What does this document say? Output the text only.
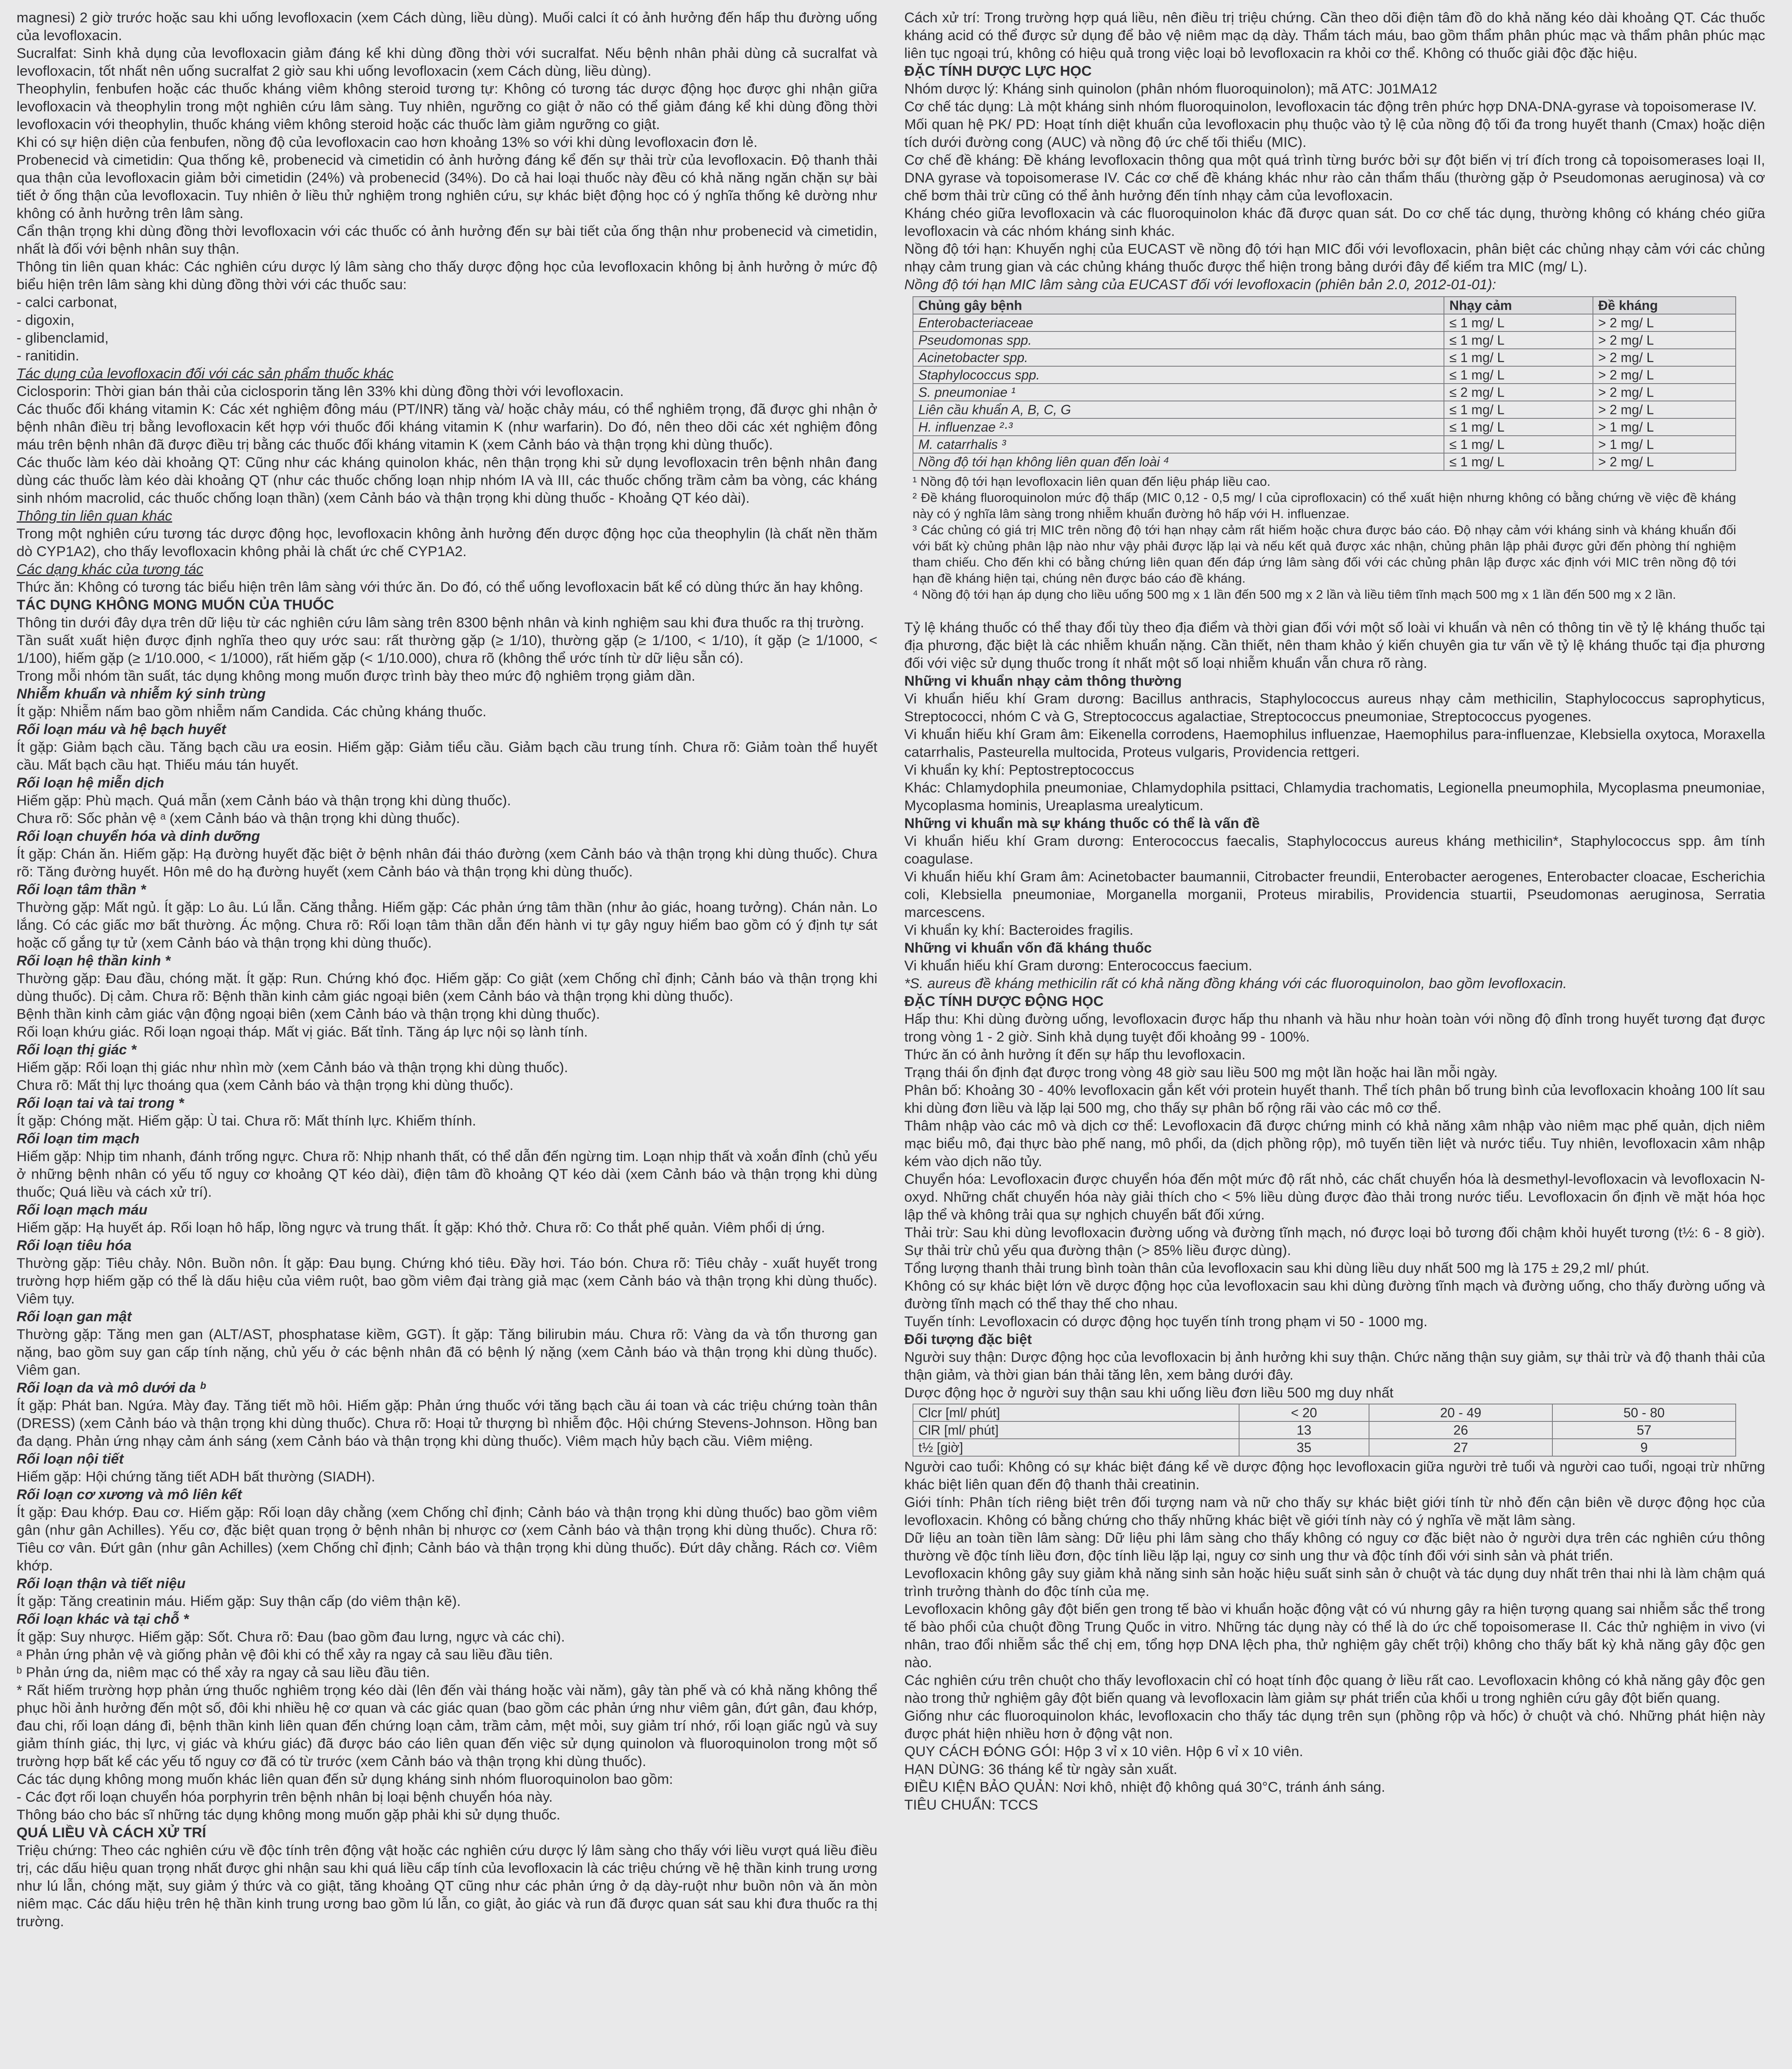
magnesi) 2 giờ trước hoặc sau khi uống levofloxacin (xem Cách dùng, liều dùng). Muối calci ít có ảnh hưởng đến hấp thu đường uống của levofloxacin.

Sucralfat: Sinh khả dụng của levofloxacin giảm đáng kể khi dùng đồng thời với sucralfat. Nếu bệnh nhân phải dùng cả sucralfat và levofloxacin, tốt nhất nên uống sucralfat 2 giờ sau khi uống levofloxacin (xem Cách dùng, liều dùng).

Theophylin, fenbufen hoặc các thuốc kháng viêm không steroid tương tự: Không có tương tác dược động học được ghi nhận giữa levofloxacin và theophylin trong một nghiên cứu lâm sàng. Tuy nhiên, ngưỡng co giật ở não có thể giảm đáng kể khi dùng đồng thời levofloxacin với theophylin, thuốc kháng viêm không steroid hoặc các thuốc làm giảm ngưỡng co giật.

Khi có sự hiện diện của fenbufen, nồng độ của levofloxacin cao hơn khoảng 13% so với khi dùng levofloxacin đơn lẻ.

Probenecid và cimetidin: Qua thống kê, probenecid và cimetidin có ảnh hưởng đáng kể đến sự thải trừ của levofloxacin. Độ thanh thải qua thận của levofloxacin giảm bởi cimetidin (24%) và probenecid (34%). Do cả hai loại thuốc này đều có khả năng ngăn chặn sự bài tiết ở ống thận của levofloxacin. Tuy nhiên ở liều thử nghiệm trong nghiên cứu, sự khác biệt động học có ý nghĩa thống kê dường như không có ảnh hưởng trên lâm sàng.

Cẩn thận trọng khi dùng đồng thời levofloxacin với các thuốc có ảnh hưởng đến sự bài tiết của ống thận như probenecid và cimetidin, nhất là đối với bệnh nhân suy thận.

Thông tin liên quan khác: Các nghiên cứu dược lý lâm sàng cho thấy dược động học của levofloxacin không bị ảnh hưởng ở mức độ biểu hiện trên lâm sàng khi dùng đồng thời với các thuốc sau:

- calci carbonat,

- digoxin,

- glibenclamid,

- ranitidin.

Tác dụng của levofloxacin đối với các sản phẩm thuốc khác

Ciclosporin: Thời gian bán thải của ciclosporin tăng lên 33% khi dùng đồng thời với levofloxacin.

Các thuốc đối kháng vitamin K: Các xét nghiệm đông máu (PT/INR) tăng và/ hoặc chảy máu, có thể nghiêm trọng, đã được ghi nhận ở bệnh nhân điều trị bằng levofloxacin kết hợp với thuốc đối kháng vitamin K (như warfarin). Do đó, nên theo dõi các xét nghiệm đông máu trên bệnh nhân đã được điều trị bằng các thuốc đối kháng vitamin K (xem Cảnh báo và thận trọng khi dùng thuốc).

Các thuốc làm kéo dài khoảng QT: Cũng như các kháng quinolon khác, nên thận trọng khi sử dụng levofloxacin trên bệnh nhân đang dùng các thuốc làm kéo dài khoảng QT (như các thuốc chống loạn nhịp nhóm IA và III, các thuốc chống trầm cảm ba vòng, các kháng sinh nhóm macrolid, các thuốc chống loạn thần) (xem Cảnh báo và thận trọng khi dùng thuốc - Khoảng QT kéo dài).

Thông tin liên quan khác

Trong một nghiên cứu tương tác dược động học, levofloxacin không ảnh hưởng đến dược động học của theophylin (là chất nền thăm dò CYP1A2), cho thấy levofloxacin không phải là chất ức chế CYP1A2.

Các dạng khác của tương tác

Thức ăn: Không có tương tác biểu hiện trên lâm sàng với thức ăn. Do đó, có thể uống levofloxacin bất kể có dùng thức ăn hay không.

TÁC DỤNG KHÔNG MONG MUỐN CỦA THUỐC

Thông tin dưới đây dựa trên dữ liệu từ các nghiên cứu lâm sàng trên 8300 bệnh nhân và kinh nghiệm sau khi đưa thuốc ra thị trường.

Tần suất xuất hiện được định nghĩa theo quy ước sau: rất thường gặp (≥ 1/10), thường gặp (≥ 1/100, < 1/10), ít gặp (≥ 1/1000, < 1/100), hiếm gặp (≥ 1/10.000, < 1/1000), rất hiếm gặp (< 1/10.000), chưa rõ (không thể ước tính từ dữ liệu sẵn có).

Trong mỗi nhóm tần suất, tác dụng không mong muốn được trình bày theo mức độ nghiêm trọng giảm dần.

Nhiễm khuẩn và nhiễm ký sinh trùng

Ít gặp: Nhiễm nấm bao gồm nhiễm nấm Candida. Các chủng kháng thuốc.

Rối loạn máu và hệ bạch huyết

Ít gặp: Giảm bạch cầu. Tăng bạch cầu ưa eosin. Hiếm gặp: Giảm tiểu cầu. Giảm bạch cầu trung tính. Chưa rõ: Giảm toàn thể huyết cầu. Mất bạch cầu hạt. Thiếu máu tán huyết.

Rối loạn hệ miễn dịch

Hiếm gặp: Phù mạch. Quá mẫn (xem Cảnh báo và thận trọng khi dùng thuốc).

Chưa rõ: Sốc phản vệ ᵃ (xem Cảnh báo và thận trọng khi dùng thuốc).

Rối loạn chuyển hóa và dinh dưỡng

Ít gặp: Chán ăn. Hiếm gặp: Hạ đường huyết đặc biệt ở bệnh nhân đái tháo đường (xem Cảnh báo và thận trọng khi dùng thuốc). Chưa rõ: Tăng đường huyết. Hôn mê do hạ đường huyết (xem Cảnh báo và thận trọng khi dùng thuốc).

Rối loạn tâm thần *

Thường gặp: Mất ngủ. Ít gặp: Lo âu. Lú lẫn. Căng thẳng. Hiếm gặp: Các phản ứng tâm thần (như ảo giác, hoang tưởng). Chán nản. Lo lắng. Có các giấc mơ bất thường. Ác mộng. Chưa rõ: Rối loạn tâm thần dẫn đến hành vi tự gây nguy hiểm bao gồm có ý định tự sát hoặc cố gắng tự tử (xem Cảnh báo và thận trọng khi dùng thuốc).

Rối loạn hệ thần kinh *

Thường gặp: Đau đầu, chóng mặt. Ít gặp: Run. Chứng khó đọc. Hiếm gặp: Co giật (xem Chống chỉ định; Cảnh báo và thận trọng khi dùng thuốc). Dị cảm. Chưa rõ: Bệnh thần kinh cảm giác ngoại biên (xem Cảnh báo và thận trọng khi dùng thuốc).

Bệnh thần kinh cảm giác vận động ngoại biên (xem Cảnh báo và thận trọng khi dùng thuốc).

Rối loạn khứu giác. Rối loạn ngoại tháp. Mất vị giác. Bất tỉnh. Tăng áp lực nội sọ lành tính.

Rối loạn thị giác *

Hiếm gặp: Rối loạn thị giác như nhìn mờ (xem Cảnh báo và thận trọng khi dùng thuốc).

Chưa rõ: Mất thị lực thoáng qua (xem Cảnh báo và thận trọng khi dùng thuốc).

Rối loạn tai và tai trong *

Ít gặp: Chóng mặt. Hiếm gặp: Ù tai. Chưa rõ: Mất thính lực. Khiếm thính.

Rối loạn tim mạch

Hiếm gặp: Nhịp tim nhanh, đánh trống ngực. Chưa rõ: Nhịp nhanh thất, có thể dẫn đến ngừng tim. Loạn nhịp thất và xoắn đỉnh (chủ yếu ở những bệnh nhân có yếu tố nguy cơ khoảng QT kéo dài), điện tâm đồ khoảng QT kéo dài (xem Cảnh báo và thận trọng khi dùng thuốc; Quá liều và cách xử trí).

Rối loạn mạch máu

Hiếm gặp: Hạ huyết áp. Rối loạn hô hấp, lồng ngực và trung thất. Ít gặp: Khó thở. Chưa rõ: Co thắt phế quản. Viêm phổi dị ứng.

Rối loạn tiêu hóa

Thường gặp: Tiêu chảy. Nôn. Buồn nôn. Ít gặp: Đau bụng. Chứng khó tiêu. Đầy hơi. Táo bón. Chưa rõ: Tiêu chảy - xuất huyết trong trường hợp hiếm gặp có thể là dấu hiệu của viêm ruột, bao gồm viêm đại tràng giả mạc (xem Cảnh báo và thận trọng khi dùng thuốc). Viêm tụy.

Rối loạn gan mật

Thường gặp: Tăng men gan (ALT/AST, phosphatase kiềm, GGT). Ít gặp: Tăng bilirubin máu. Chưa rõ: Vàng da và tổn thương gan nặng, bao gồm suy gan cấp tính nặng, chủ yếu ở các bệnh nhân đã có bệnh lý nặng (xem Cảnh báo và thận trọng khi dùng thuốc). Viêm gan.

Rối loạn da và mô dưới da ᵇ

Ít gặp: Phát ban. Ngứa. Mày đay. Tăng tiết mồ hôi. Hiếm gặp: Phản ứng thuốc với tăng bạch cầu ái toan và các triệu chứng toàn thân (DRESS) (xem Cảnh báo và thận trọng khi dùng thuốc). Chưa rõ: Hoại tử thượng bì nhiễm độc. Hội chứng Stevens-Johnson. Hồng ban đa dạng. Phản ứng nhạy cảm ánh sáng (xem Cảnh báo và thận trọng khi dùng thuốc). Viêm mạch hủy bạch cầu. Viêm miệng.

Rối loạn nội tiết

Hiếm gặp: Hội chứng tăng tiết ADH bất thường (SIADH).

Rối loạn cơ xương và mô liên kết

Ít gặp: Đau khớp. Đau cơ. Hiếm gặp: Rối loạn dây chằng (xem Chống chỉ định; Cảnh báo và thận trọng khi dùng thuốc) bao gồm viêm gân (như gân Achilles). Yếu cơ, đặc biệt quan trọng ở bệnh nhân bị nhược cơ (xem Cảnh báo và thận trọng khi dùng thuốc). Chưa rõ: Tiêu cơ vân. Đứt gân (như gân Achilles) (xem Chống chỉ định; Cảnh báo và thận trọng khi dùng thuốc). Đứt dây chằng. Rách cơ. Viêm khớp.

Rối loạn thận và tiết niệu

Ít gặp: Tăng creatinin máu. Hiếm gặp: Suy thận cấp (do viêm thận kẽ).

Rối loạn khác và tại chỗ *

Ít gặp: Suy nhược. Hiếm gặp: Sốt. Chưa rõ: Đau (bao gồm đau lưng, ngực và các chi).

ᵃ Phản ứng phản vệ và giống phản vệ đôi khi có thể xảy ra ngay cả sau liều đầu tiên.

ᵇ Phản ứng da, niêm mạc có thể xảy ra ngay cả sau liều đầu tiên.

* Rất hiếm trường hợp phản ứng thuốc nghiêm trọng kéo dài (lên đến vài tháng hoặc vài năm), gây tàn phế và có khả năng không thể phục hồi ảnh hưởng đến một số, đôi khi nhiều hệ cơ quan và các giác quan (bao gồm các phản ứng như viêm gân, đứt gân, đau khớp, đau chi, rối loạn dáng đi, bệnh thần kinh liên quan đến chứng loạn cảm, trầm cảm, mệt mỏi, suy giảm trí nhớ, rối loạn giấc ngủ và suy giảm thính giác, thị lực, vị giác và khứu giác) đã được báo cáo liên quan đến việc sử dụng quinolon và fluoroquinolon trong một số trường hợp bất kể các yếu tố nguy cơ đã có từ trước (xem Cảnh báo và thận trọng khi dùng thuốc).

Các tác dụng không mong muốn khác liên quan đến sử dụng kháng sinh nhóm fluoroquinolon bao gồm:

- Các đợt rối loạn chuyển hóa porphyrin trên bệnh nhân bị loại bệnh chuyển hóa này.

Thông báo cho bác sĩ những tác dụng không mong muốn gặp phải khi sử dụng thuốc.

QUÁ LIỀU VÀ CÁCH XỬ TRÍ

Triệu chứng: Theo các nghiên cứu về độc tính trên động vật hoặc các nghiên cứu dược lý lâm sàng cho thấy với liều vượt quá liều điều trị, các dấu hiệu quan trọng nhất được ghi nhận sau khi quá liều cấp tính của levofloxacin là các triệu chứng về hệ thần kinh trung ương như lú lẫn, chóng mặt, suy giảm ý thức và co giật, tăng khoảng QT cũng như các phản ứng ở dạ dày-ruột như buồn nôn và ăn mòn niêm mạc. Các dấu hiệu trên hệ thần kinh trung ương bao gồm lú lẫn, co giật, ảo giác và run đã được quan sát sau khi đưa thuốc ra thị trường.

Cách xử trí: Trong trường hợp quá liều, nên điều trị triệu chứng. Cần theo dõi điện tâm đồ do khả năng kéo dài khoảng QT. Các thuốc kháng acid có thể được sử dụng để bảo vệ niêm mạc dạ dày. Thẩm tách máu, bao gồm thẩm phân phúc mạc và thẩm phân phúc mạc liên tục ngoại trú, không có hiệu quả trong việc loại bỏ levofloxacin ra khỏi cơ thể. Không có thuốc giải độc đặc hiệu.

ĐẶC TÍNH DƯỢC LỰC HỌC

Nhóm dược lý: Kháng sinh quinolon (phân nhóm fluoroquinolon); mã ATC: J01MA12

Cơ chế tác dụng: Là một kháng sinh nhóm fluoroquinolon, levofloxacin tác động trên phức hợp DNA-DNA-gyrase và topoisomerase IV.

Mối quan hệ PK/ PD: Hoạt tính diệt khuẩn của levofloxacin phụ thuộc vào tỷ lệ của nồng độ tối đa trong huyết thanh (Cmax) hoặc diện tích dưới đường cong (AUC) và nồng độ ức chế tối thiểu (MIC).

Cơ chế đề kháng: Đề kháng levofloxacin thông qua một quá trình từng bước bởi sự đột biến vị trí đích trong cả topoisomerases loại II, DNA gyrase và topoisomerase IV. Các cơ chế đề kháng khác như rào cản thẩm thấu (thường gặp ở Pseudomonas aeruginosa) và cơ chế bơm thải trừ cũng có thể ảnh hưởng đến tính nhạy cảm của levofloxacin.

Kháng chéo giữa levofloxacin và các fluoroquinolon khác đã được quan sát. Do cơ chế tác dụng, thường không có kháng chéo giữa levofloxacin và các nhóm kháng sinh khác.

Nồng độ tới hạn: Khuyến nghị của EUCAST về nồng độ tới hạn MIC đối với levofloxacin, phân biệt các chủng nhạy cảm với các chủng nhạy cảm trung gian và các chủng kháng thuốc được thể hiện trong bảng dưới đây để kiểm tra MIC (mg/ L).

Nồng độ tới hạn MIC lâm sàng của EUCAST đối với levofloxacin (phiên bản 2.0, 2012-01-01):

Chủng gây bệnh	Nhạy cảm	Đề kháng
Enterobacteriaceae	≤ 1 mg/ L	> 2 mg/ L
Pseudomonas spp.	≤ 1 mg/ L	> 2 mg/ L
Acinetobacter spp.	≤ 1 mg/ L	> 2 mg/ L
Staphylococcus spp.	≤ 1 mg/ L	> 2 mg/ L
S. pneumoniae ¹	≤ 2 mg/ L	> 2 mg/ L
Liên cầu khuẩn A, B, C, G	≤ 1 mg/ L	> 2 mg/ L
H. influenzae ²·³	≤ 1 mg/ L	> 1 mg/ L
M. catarrhalis ³	≤ 1 mg/ L	> 1 mg/ L
Nồng độ tới hạn không liên quan đến loài ⁴	≤ 1 mg/ L	> 2 mg/ L

¹ Nồng độ tới hạn levofloxacin liên quan đến liệu pháp liều cao.

² Đề kháng fluoroquinolon mức độ thấp (MIC 0,12 - 0,5 mg/ l của ciprofloxacin) có thể xuất hiện nhưng không có bằng chứng về việc đề kháng này có ý nghĩa lâm sàng trong nhiễm khuẩn đường hô hấp với H. influenzae.

³ Các chủng có giá trị MIC trên nồng độ tới hạn nhạy cảm rất hiếm hoặc chưa được báo cáo. Độ nhạy cảm với kháng sinh và kháng khuẩn đối với bất kỳ chủng phân lập nào như vậy phải được lặp lại và nếu kết quả được xác nhận, chủng phân lập phải được gửi đến phòng thí nghiệm tham chiếu. Cho đến khi có bằng chứng liên quan đến đáp ứng lâm sàng đối với các chủng phân lập được xác định với MIC trên nồng độ tới hạn đề kháng hiện tại, chúng nên được báo cáo đề kháng.

⁴ Nồng độ tới hạn áp dụng cho liều uống 500 mg x 1 lần đến 500 mg x 2 lần và liều tiêm tĩnh mạch 500 mg x 1 lần đến 500 mg x 2 lần.

Tỷ lệ kháng thuốc có thể thay đổi tùy theo địa điểm và thời gian đối với một số loài vi khuẩn và nên có thông tin về tỷ lệ kháng thuốc tại địa phương, đặc biệt là các nhiễm khuẩn nặng. Cần thiết, nên tham khảo ý kiến chuyên gia tư vấn về tỷ lệ kháng thuốc tại địa phương đối với việc sử dụng thuốc trong ít nhất một số loại nhiễm khuẩn vẫn chưa rõ ràng.

Những vi khuẩn nhạy cảm thông thường

Vi khuẩn hiếu khí Gram dương: Bacillus anthracis, Staphylococcus aureus nhạy cảm methicilin, Staphylococcus saprophyticus, Streptococci, nhóm C và G, Streptococcus agalactiae, Streptococcus pneumoniae, Streptococcus pyogenes.

Vi khuẩn hiếu khí Gram âm: Eikenella corrodens, Haemophilus influenzae, Haemophilus para-influenzae, Klebsiella oxytoca, Moraxella catarrhalis, Pasteurella multocida, Proteus vulgaris, Providencia rettgeri.

Vi khuẩn kỵ khí: Peptostreptococcus

Khác: Chlamydophila pneumoniae, Chlamydophila psittaci, Chlamydia trachomatis, Legionella pneumophila, Mycoplasma pneumoniae, Mycoplasma hominis, Ureaplasma urealyticum.

Những vi khuẩn mà sự kháng thuốc có thể là vấn đề

Vi khuẩn hiếu khí Gram dương: Enterococcus faecalis, Staphylococcus aureus kháng methicilin*, Staphylococcus spp. âm tính coagulase.

Vi khuẩn hiếu khí Gram âm: Acinetobacter baumannii, Citrobacter freundii, Enterobacter aerogenes, Enterobacter cloacae, Escherichia coli, Klebsiella pneumoniae, Morganella morganii, Proteus mirabilis, Providencia stuartii, Pseudomonas aeruginosa, Serratia marcescens.

Vi khuẩn kỵ khí: Bacteroides fragilis.

Những vi khuẩn vốn đã kháng thuốc

Vi khuẩn hiếu khí Gram dương: Enterococcus faecium.

*S. aureus đề kháng methicilin rất có khả năng đồng kháng với các fluoroquinolon, bao gồm levofloxacin.

ĐẶC TÍNH DƯỢC ĐỘNG HỌC

Hấp thu: Khi dùng đường uống, levofloxacin được hấp thu nhanh và hầu như hoàn toàn với nồng độ đỉnh trong huyết tương đạt được trong vòng 1 - 2 giờ. Sinh khả dụng tuyệt đối khoảng 99 - 100%.

Thức ăn có ảnh hưởng ít đến sự hấp thu levofloxacin.

Trạng thái ổn định đạt được trong vòng 48 giờ sau liều 500 mg một lần hoặc hai lần mỗi ngày.

Phân bố: Khoảng 30 - 40% levofloxacin gắn kết với protein huyết thanh. Thể tích phân bố trung bình của levofloxacin khoảng 100 lít sau khi dùng đơn liều và lặp lại 500 mg, cho thấy sự phân bố rộng rãi vào các mô cơ thể.

Thâm nhập vào các mô và dịch cơ thể: Levofloxacin đã được chứng minh có khả năng xâm nhập vào niêm mạc phế quản, dịch niêm mạc biểu mô, đại thực bào phế nang, mô phổi, da (dịch phồng rộp), mô tuyến tiền liệt và nước tiểu. Tuy nhiên, levofloxacin xâm nhập kém vào dịch não tủy.

Chuyển hóa: Levofloxacin được chuyển hóa đến một mức độ rất nhỏ, các chất chuyển hóa là desmethyl-levofloxacin và levofloxacin N-oxyd. Những chất chuyển hóa này giải thích cho < 5% liều dùng được đào thải trong nước tiểu. Levofloxacin ổn định về mặt hóa học lập thể và không trải qua sự nghịch chuyển bất đối xứng.

Thải trừ: Sau khi dùng levofloxacin đường uống và đường tĩnh mạch, nó được loại bỏ tương đối chậm khỏi huyết tương (t½: 6 - 8 giờ). Sự thải trừ chủ yếu qua đường thận (> 85% liều được dùng).

Tổng lượng thanh thải trung bình toàn thân của levofloxacin sau khi dùng liều duy nhất 500 mg là 175 ± 29,2 ml/ phút.

Không có sự khác biệt lớn về dược động học của levofloxacin sau khi dùng đường tĩnh mạch và đường uống, cho thấy đường uống và đường tĩnh mạch có thể thay thế cho nhau.

Tuyến tính: Levofloxacin có dược động học tuyến tính trong phạm vi 50 - 1000 mg.

Đối tượng đặc biệt

Người suy thận: Dược động học của levofloxacin bị ảnh hưởng khi suy thận. Chức năng thận suy giảm, sự thải trừ và độ thanh thải của thận giảm, và thời gian bán thải tăng lên, xem bảng dưới đây.

Dược động học ở người suy thận sau khi uống liều đơn liều 500 mg duy nhất

Clcr [ml/ phút]	< 20	20 - 49	50 - 80
ClR [ml/ phút]	13	26	57
t½ [giờ]	35	27	9

Người cao tuổi: Không có sự khác biệt đáng kể về dược động học levofloxacin giữa người trẻ tuổi và người cao tuổi, ngoại trừ những khác biệt liên quan đến độ thanh thải creatinin.

Giới tính: Phân tích riêng biệt trên đối tượng nam và nữ cho thấy sự khác biệt giới tính từ nhỏ đến cận biên về dược động học của levofloxacin. Không có bằng chứng cho thấy những khác biệt về giới tính này có ý nghĩa về mặt lâm sàng.

Dữ liệu an toàn tiền lâm sàng: Dữ liệu phi lâm sàng cho thấy không có nguy cơ đặc biệt nào ở người dựa trên các nghiên cứu thông thường về độc tính liều đơn, độc tính liều lặp lại, nguy cơ sinh ung thư và độc tính đối với sinh sản và phát triển.

Levofloxacin không gây suy giảm khả năng sinh sản hoặc hiệu suất sinh sản ở chuột và tác dụng duy nhất trên thai nhi là làm chậm quá trình trưởng thành do độc tính của mẹ.

Levofloxacin không gây đột biến gen trong tế bào vi khuẩn hoặc động vật có vú nhưng gây ra hiện tượng quang sai nhiễm sắc thể trong tế bào phổi của chuột đồng Trung Quốc in vitro. Những tác dụng này có thể là do ức chế topoisomerase II. Các thử nghiệm in vivo (vi nhân, trao đổi nhiễm sắc thể chị em, tổng hợp DNA lệch pha, thử nghiệm gây chết trội) không cho thấy bất kỳ khả năng gây độc gen nào.

Các nghiên cứu trên chuột cho thấy levofloxacin chỉ có hoạt tính độc quang ở liều rất cao. Levofloxacin không có khả năng gây độc gen nào trong thử nghiệm gây đột biến quang và levofloxacin làm giảm sự phát triển của khối u trong nghiên cứu gây đột biến quang.

Giống như các fluoroquinolon khác, levofloxacin cho thấy tác dụng trên sụn (phồng rộp và hốc) ở chuột và chó. Những phát hiện này được phát hiện nhiều hơn ở động vật non.

QUY CÁCH ĐÓNG GÓI: Hộp 3 vỉ x 10 viên. Hộp 6 vỉ x 10 viên.

HẠN DÙNG: 36 tháng kể từ ngày sản xuất.

ĐIỀU KIỆN BẢO QUẢN: Nơi khô, nhiệt độ không quá 30°C, tránh ánh sáng.

TIÊU CHUẨN: TCCS
